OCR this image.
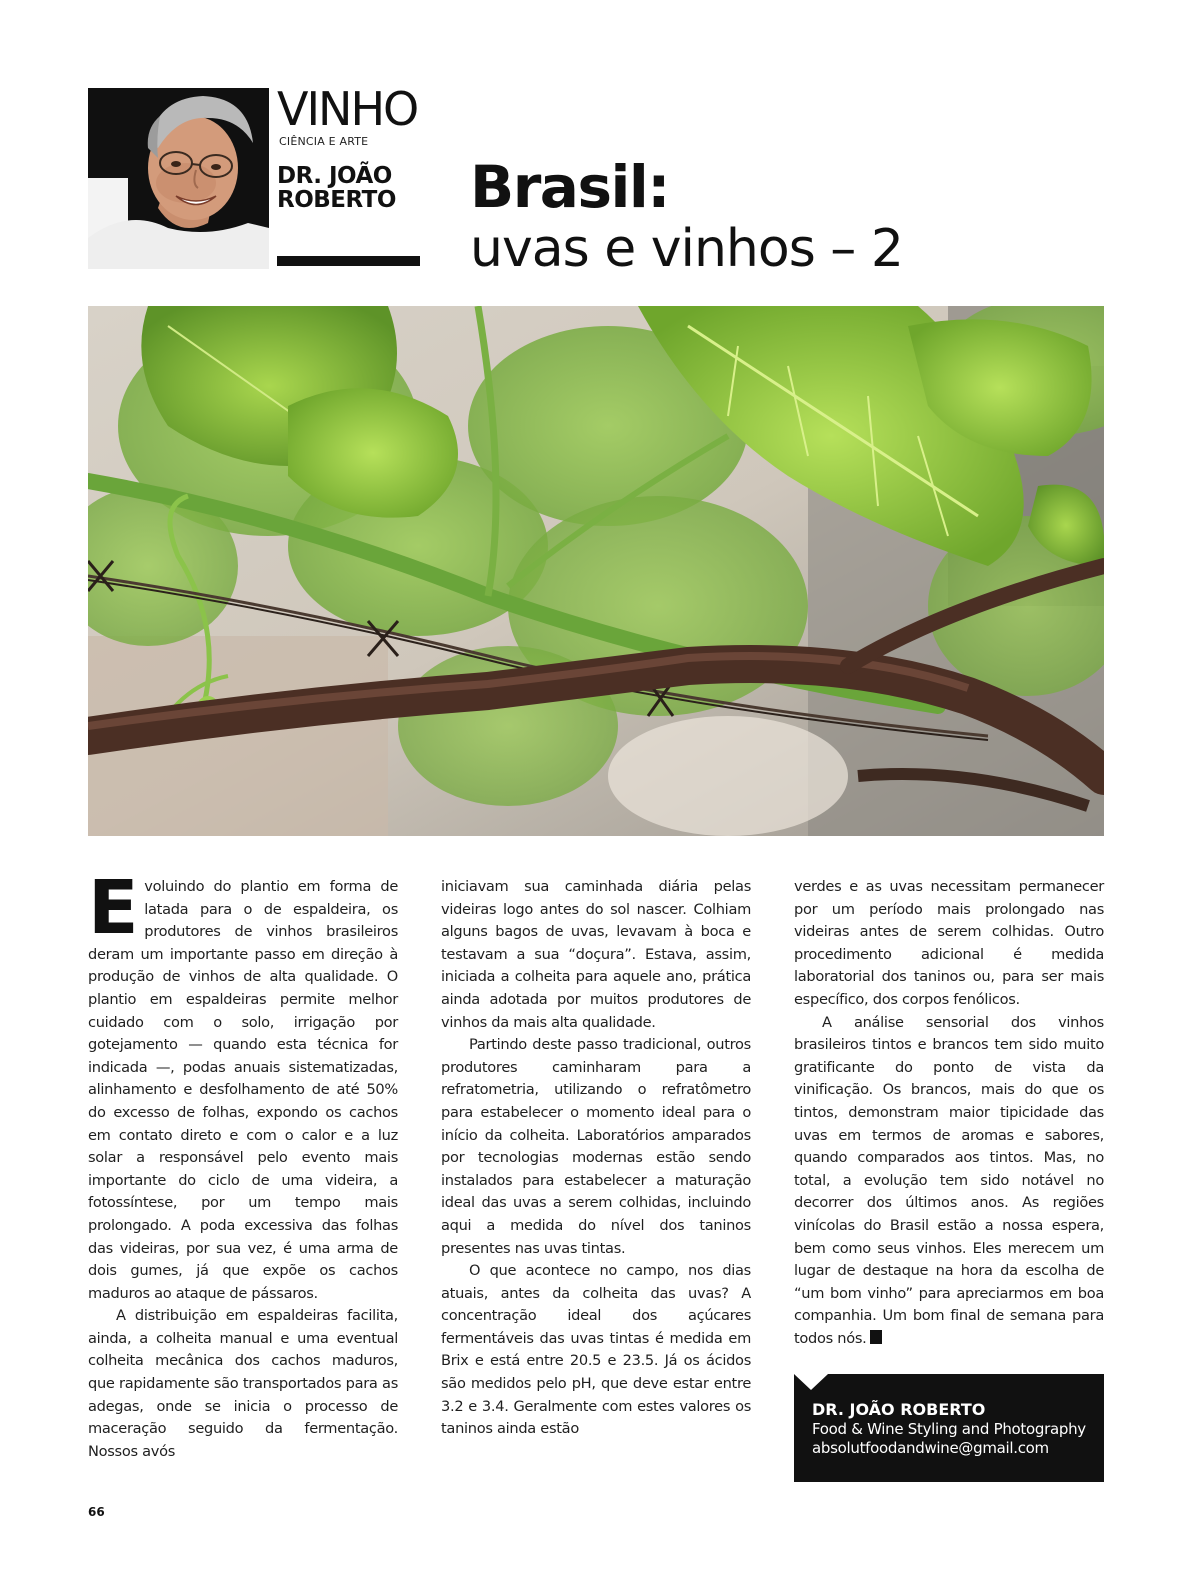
VINHO
CIÊNCIA E ARTE
DR. JOÃO
ROBERTO	Brasil:
uvas e vinhos – 2

Evoluindo do plantio em forma de latada para o de espaldeira, os produtores de vinhos brasileiros deram um importante passo em direção à produção de vinhos de alta qualidade. O plantio em espaldeiras permite melhor cuidado com o solo, irrigação por gotejamento — quando esta técnica for indicada —, podas anuais sistematizadas, alinhamento e desfolhamento de até 50% do excesso de folhas, expondo os cachos em contato direto e com o calor e a luz solar a responsável pelo evento mais importante do ciclo de uma videira, a fotossíntese, por um tempo mais prolongado. A poda excessiva das folhas das videiras, por sua vez, é uma arma de dois gumes, já que expõe os cachos maduros ao ataque de pássaros.

A distribuição em espaldeiras facilita, ainda, a colheita manual e uma eventual colheita mecânica dos cachos maduros, que rapidamente são transportados para as adegas, onde se inicia o processo de maceração seguido da fermentação. Nossos avós

iniciavam sua caminhada diária pelas videiras logo antes do sol nascer. Colhiam alguns bagos de uvas, levavam à boca e testavam a sua “doçura”. Estava, assim, iniciada a colheita para aquele ano, prática ainda adotada por muitos produtores de vinhos da mais alta qualidade.

Partindo deste passo tradicional, outros produtores caminharam para a refratometria, utilizando o refratômetro para estabelecer o momento ideal para o início da colheita. Laboratórios amparados por tecnologias modernas estão sendo instalados para estabelecer a maturação ideal das uvas a serem colhidas, incluindo aqui a medida do nível dos taninos presentes nas uvas tintas.

O que acontece no campo, nos dias atuais, antes da colheita das uvas? A concentração ideal dos açúcares fermentáveis das uvas tintas é medida em Brix e está entre 20.5 e 23.5. Já os ácidos são medidos pelo pH, que deve estar entre 3.2 e 3.4. Geralmente com estes valores os taninos ainda estão

verdes e as uvas necessitam permanecer por um período mais prolongado nas videiras antes de serem colhidas. Outro procedimento adicional é medida laboratorial dos taninos ou, para ser mais específico, dos corpos fenólicos.

A análise sensorial dos vinhos brasileiros tintos e brancos tem sido muito gratificante do ponto de vista da vinificação. Os brancos, mais do que os tintos, demonstram maior tipicidade das uvas em termos de aromas e sabores, quando comparados aos tintos. Mas, no total, a evolução tem sido notável no decorrer dos últimos anos. As regiões vinícolas do Brasil estão a nossa espera, bem como seus vinhos. Eles merecem um lugar de destaque na hora da escolha de “um bom vinho” para apreciarmos em boa companhia. Um bom final de semana para todos nós.

DR. JOÃO ROBERTO
Food & Wine Styling and Photography
absolutfoodandwine@gmail.com
66
